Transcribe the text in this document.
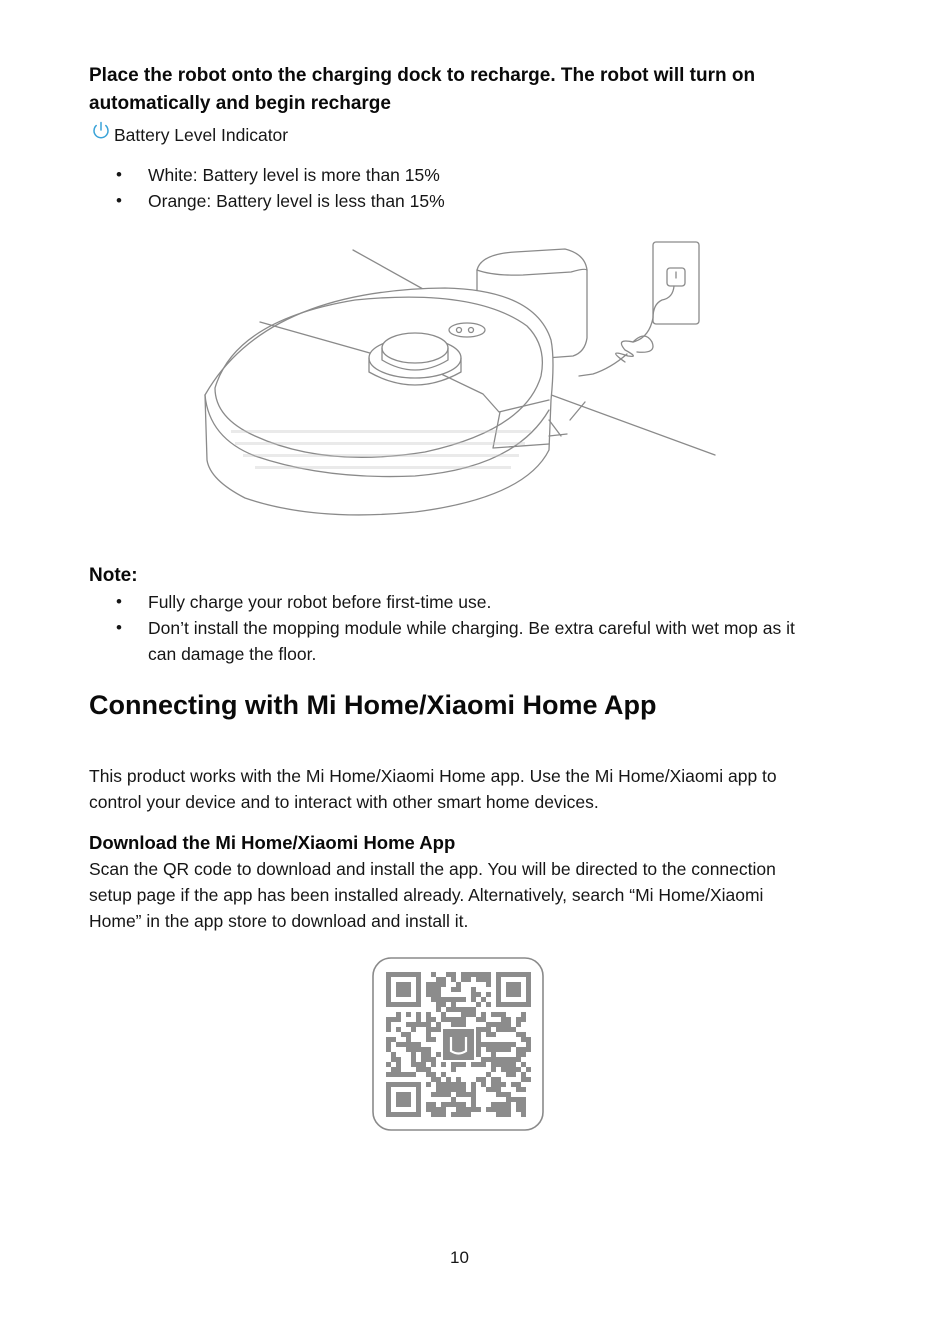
Place the robot onto the charging dock to recharge. The robot will turn on automatically and begin recharge
Battery Level Indicator
• White: Battery level is more than 15%
• Orange: Battery level is less than 15%
Note:
• Fully charge your robot before first-time use.
• Don’t install the mopping module while charging. Be extra careful with wet mop as it can damage the floor.
Connecting with Mi Home/Xiaomi Home App
This product works with the Mi Home/Xiaomi Home app. Use the Mi Home/Xiaomi app to control your device and to interact with other smart home devices.
Download the Mi Home/Xiaomi Home App
Scan the QR code to download and install the app. You will be directed to the connection setup page if the app has been installed already. Alternatively, search “Mi Home/Xiaomi Home” in the app store to download and install it.
10
